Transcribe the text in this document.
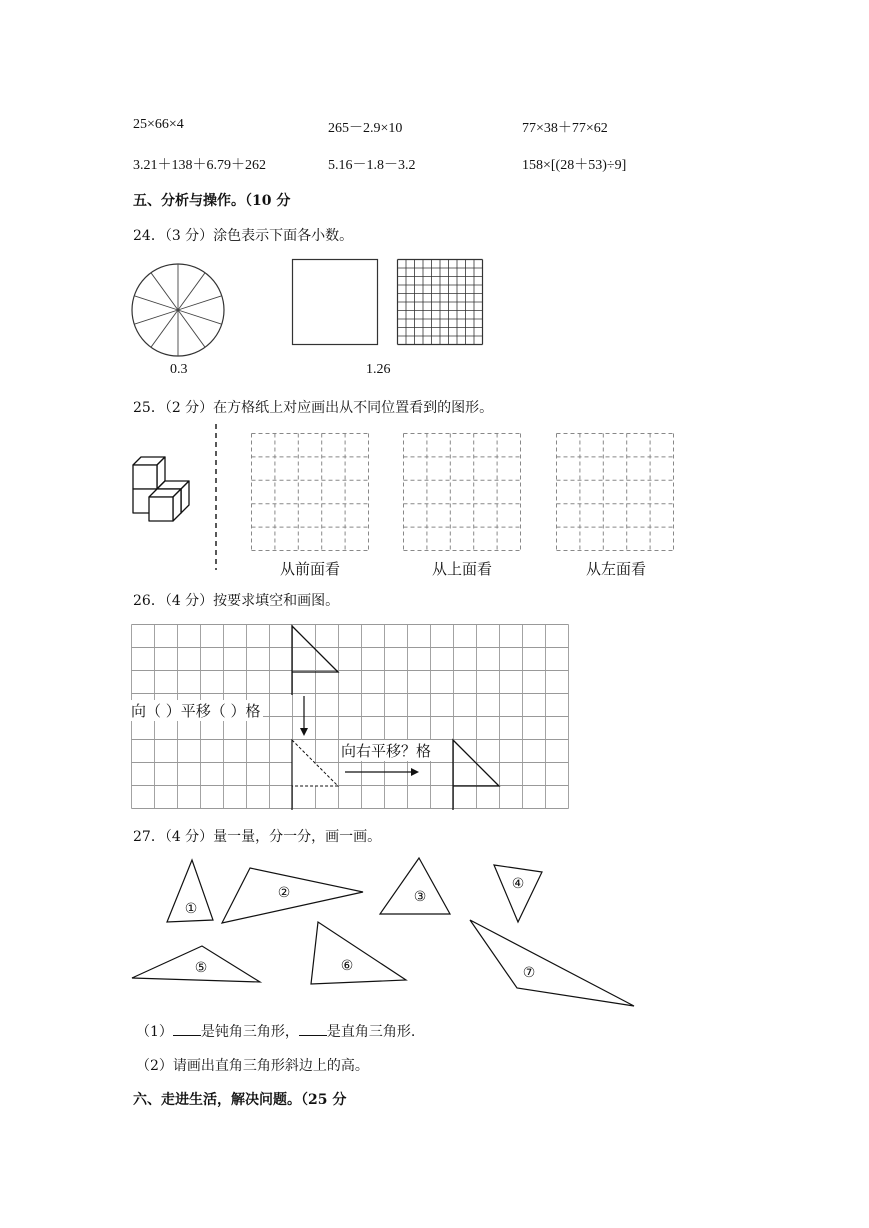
25×66×4	265－2.9×10	77×38＋77×62
3.21＋138＋6.79＋262	5.16－1.8－3.2	158×[(28＋53)÷9]
五、分析与操作。（10 分
24．（3 分）涂色表示下面各小数。
0.3	1.26
25．（2 分）在方格纸上对应画出从不同位置看到的图形。
从前面看	从上面看	从左面看
26．（4 分）按要求填空和画图。
向（ ）平移（ ）格
向右平移？格
27．（4 分）量一量，分一分，画一画。
①
②	③
④
⑤	⑥	⑦
（1） 是钝角三角形， 是直角三角形.
（2）请画出直角三角形斜边上的高。
六、走进生活，解决问题。（25 分
